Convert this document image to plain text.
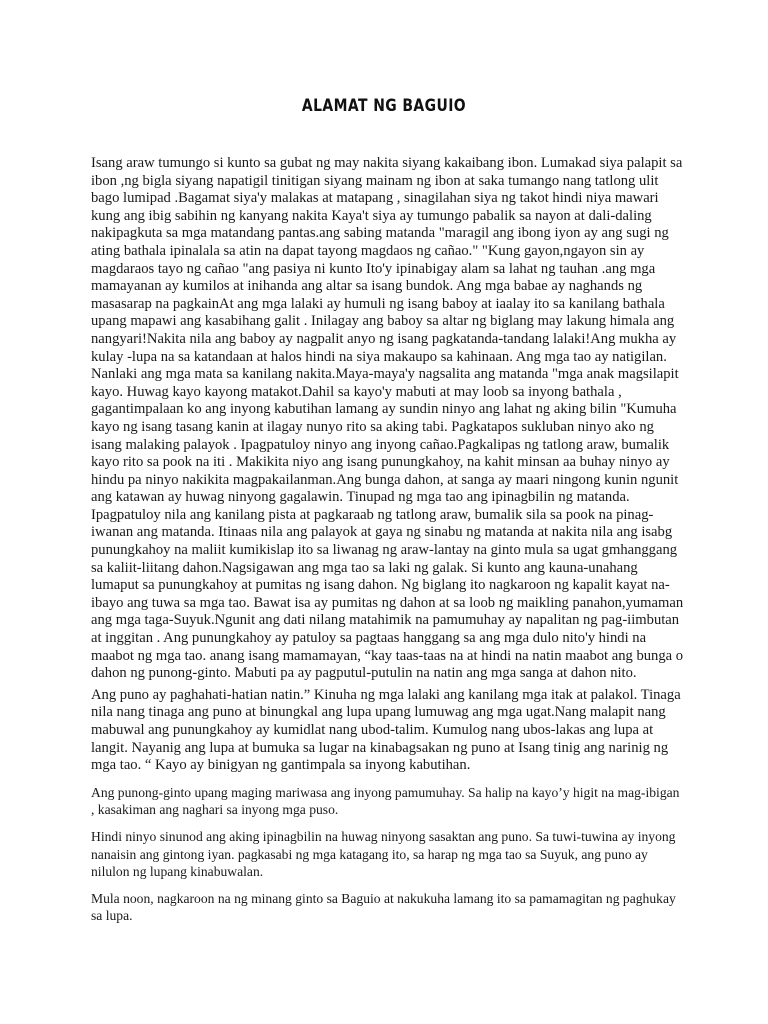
ALAMAT NG BAGUIO

Isang araw tumungo si kunto sa gubat ng may nakita siyang kakaibang ibon. Lumakad siya palapit sa ibon ,ng bigla siyang napatigil tinitigan siyang mainam ng ibon at saka tumango nang tatlong ulit bago lumipad .Bagamat siya'y malakas at matapang , sinagilahan siya ng takot hindi niya mawari kung ang ibig sabihin ng kanyang nakita Kaya't siya ay tumungo pabalik sa nayon at dali-daling nakipagkuta sa mga matandang pantas.ang sabing matanda "maragil ang ibong iyon ay ang sugi ng ating bathala ipinalala sa atin na dapat tayong magdaos ng cañao." "Kung gayon,ngayon sin ay magdaraos tayo ng cañao "ang pasiya ni kunto Ito'y ipinabigay alam sa lahat ng tauhan .ang mga mamayanan ay kumilos at inihanda ang altar sa isang bundok. Ang mga babae ay naghands ng masasarap na pagkainAt ang mga lalaki ay humuli ng isang baboy at iaalay ito sa kanilang bathala upang mapawi ang kasabihang galit . Inilagay ang baboy sa altar ng biglang may lakung himala ang nangyari!Nakita nila ang baboy ay nagpalit anyo ng isang pagkatanda-tandang lalaki!Ang mukha ay kulay -lupa na sa katandaan at halos hindi na siya makaupo sa kahinaan. Ang mga tao ay natigilan. Nanlaki ang mga mata sa kanilang nakita.Maya-maya'y nagsalita ang matanda "mga anak magsilapit kayo. Huwag kayo kayong matakot.Dahil sa kayo'y mabuti at may loob sa inyong bathala , gagantimpalaan ko ang inyong kabutihan lamang ay sundin ninyo ang lahat ng aking bilin "Kumuha kayo ng isang tasang kanin at ilagay nunyo rito sa aking tabi. Pagkatapos sukluban ninyo ako ng isang malaking palayok . Ipagpatuloy ninyo ang inyong cañao.Pagkalipas ng tatlong araw, bumalik kayo rito sa pook na iti . Makikita niyo ang isang punungkahoy, na kahit minsan aa buhay ninyo ay hindu pa ninyo nakikita magpakailanman.Ang bunga dahon, at sanga ay maari ningong kunin ngunit ang katawan ay huwag ninyong gagalawin. Tinupad ng mga tao ang ipinagbilin ng matanda. Ipagpatuloy nila ang kanilang pista at pagkaraab ng tatlong araw, bumalik sila sa pook na pinag-iwanan ang matanda. Itinaas nila ang palayok at gaya ng sinabu ng matanda at nakita nila ang isabg punungkahoy na maliit kumikislap ito sa liwanag ng araw-lantay na ginto mula sa ugat gmhanggang sa kaliit-liitang dahon.Nagsigawan ang mga tao sa laki ng galak. Si kunto ang kauna-unahang lumaput sa punungkahoy at pumitas ng isang dahon. Ng biglang ito nagkaroon ng kapalit kayat na-ibayo ang tuwa sa mga tao. Bawat isa ay pumitas ng dahon at sa loob ng maikling panahon,yumaman ang mga taga-Suyuk.Ngunit ang dati nilang matahimik na pamumuhay ay napalitan ng pag-iimbutan at inggitan . Ang punungkahoy ay patuloy sa pagtaas hanggang sa ang mga dulo nito'y hindi na maabot ng mga tao. anang isang mamamayan, “kay taas-taas na at hindi na natin maabot ang bunga o dahon ng punong-ginto. Mabuti pa ay pagputul-putulin na natin ang mga sanga at dahon nito.

Ang puno ay paghahati-hatian natin.” Kinuha ng mga lalaki ang kanilang mga itak at palakol. Tinaga nila nang tinaga ang puno at binungkal ang lupa upang lumuwag ang mga ugat.Nang malapit nang mabuwal ang punungkahoy ay kumidlat nang ubod-talim. Kumulog nang ubos-lakas ang lupa at langit. Nayanig ang lupa at bumuka sa lugar na kinabagsakan ng puno at Isang tinig ang narinig ng mga tao. “ Kayo ay binigyan ng gantimpala sa inyong kabutihan.

Ang punong-ginto upang maging mariwasa ang inyong pamumuhay. Sa halip na kayo’y higit na mag-ibigan , kasakiman ang naghari sa inyong mga puso.

Hindi ninyo sinunod ang aking ipinagbilin na huwag ninyong sasaktan ang puno. Sa tuwi-tuwina ay inyong nanaisin ang gintong iyan. pagkasabi ng mga katagang ito, sa harap ng mga tao sa Suyuk, ang puno ay nilulon ng lupang kinabuwalan.

Mula noon, nagkaroon na ng minang ginto sa Baguio at nakukuha lamang ito sa pamamagitan ng paghukay sa lupa.
